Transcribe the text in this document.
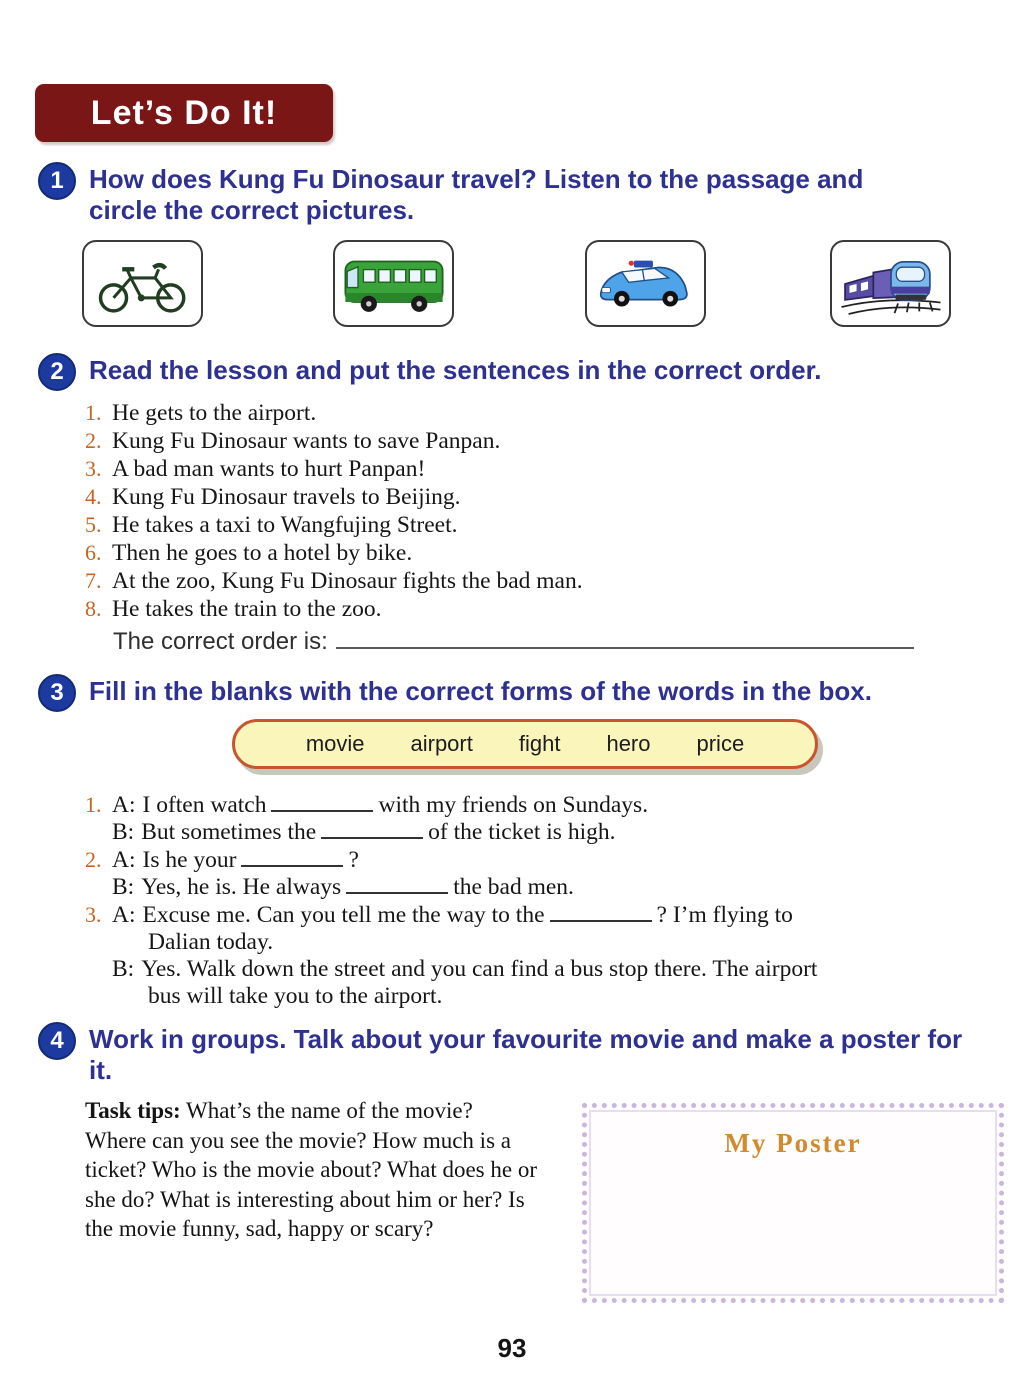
Let’s Do It!
1 How does Kung Fu Dinosaur travel? Listen to the passage and circle the correct pictures.
2 Read the lesson and put the sentences in the correct order.
1. He gets to the airport.
2. Kung Fu Dinosaur wants to save Panpan.
3. A bad man wants to hurt Panpan!
4. Kung Fu Dinosaur travels to Beijing.
5. He takes a taxi to Wangfujing Street.
6. Then he goes to a hotel by bike.
7. At the zoo, Kung Fu Dinosaur fights the bad man.
8. He takes the train to the zoo.
The correct order is:
3 Fill in the blanks with the correct forms of the words in the box.
movie airport fight hero price
1. A: I often watch	with my friends on Sundays.
B: But sometimes the	of the ticket is high.
2. A: Is he your	?
B: Yes, he is. He always	the bad men.
3. A: Excuse me. Can you tell me the way to the	? I’m flying to
Dalian today.
B: Yes. Walk down the street and you can find a bus stop there. The airport
bus will take you to the airport.
4 Work in groups. Talk about your favourite movie and make a poster for it.
Task tips: What’s the name of the movie? Where can you see the movie? How much is a ticket? Who is the movie about? What does he or she do? What is interesting about him or her? Is the movie funny, sad, happy or scary?
My Poster
93
